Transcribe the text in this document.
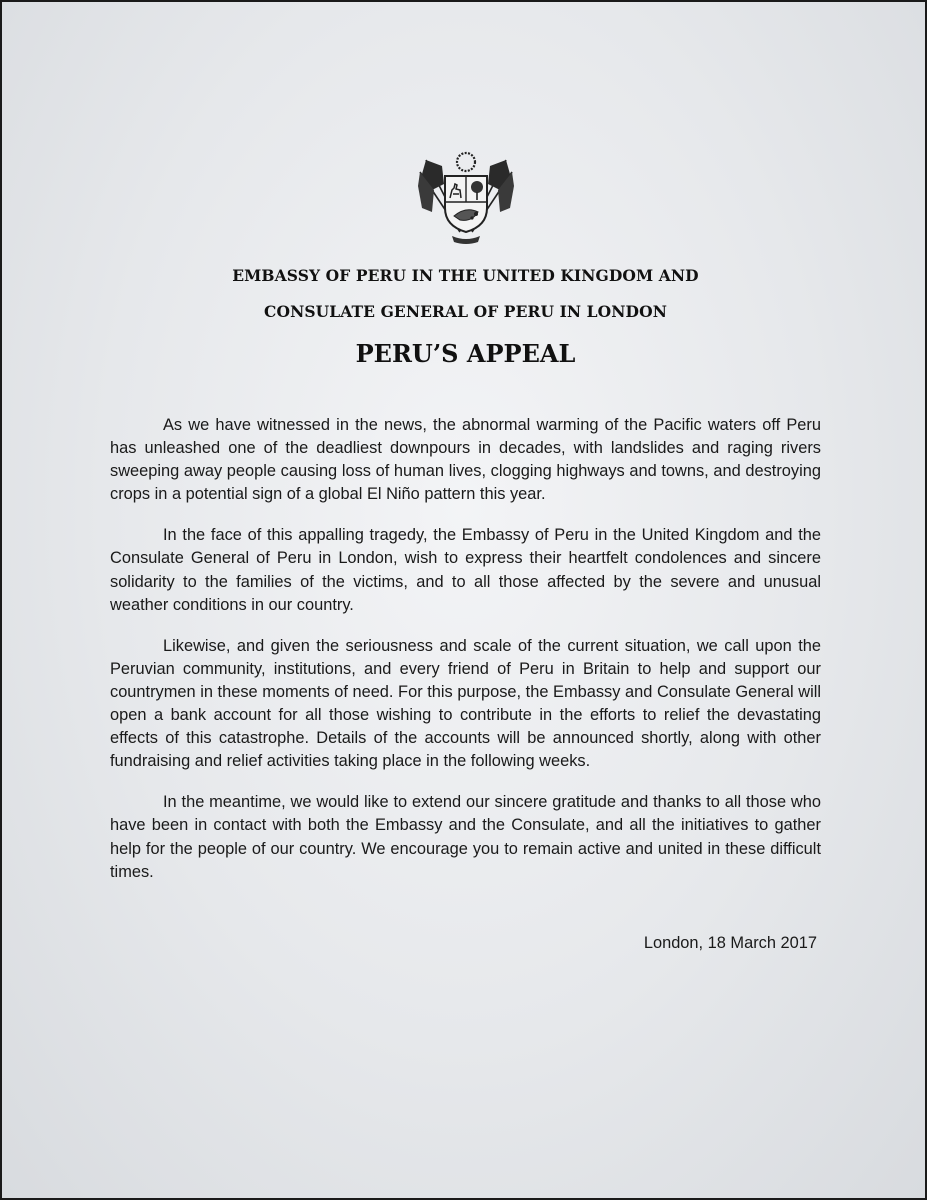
EMBASSY OF PERU IN THE UNITED KINGDOM AND
CONSULATE GENERAL OF PERU IN LONDON
PERU’S APPEAL

As we have witnessed in the news, the abnormal warming of the Pacific waters off Peru has unleashed one of the deadliest downpours in decades, with landslides and raging rivers sweeping away people causing loss of human lives, clogging highways and towns, and destroying crops in a potential sign of a global El Niño pattern this year.

In the face of this appalling tragedy, the Embassy of Peru in the United Kingdom and the Consulate General of Peru in London, wish to express their heartfelt condolences and sincere solidarity to the families of the victims, and to all those affected by the severe and unusual weather conditions in our country.

Likewise, and given the seriousness and scale of the current situation, we call upon the Peruvian community, institutions, and every friend of Peru in Britain to help and support our countrymen in these moments of need. For this purpose, the Embassy and Consulate General will open a bank account for all those wishing to contribute in the efforts to relief the devastating effects of this catastrophe. Details of the accounts will be announced shortly, along with other fundraising and relief activities taking place in the following weeks.

In the meantime, we would like to extend our sincere gratitude and thanks to all those who have been in contact with both the Embassy and the Consulate, and all the initiatives to gather help for the people of our country. We encourage you to remain active and united in these difficult times.

London, 18 March 2017
